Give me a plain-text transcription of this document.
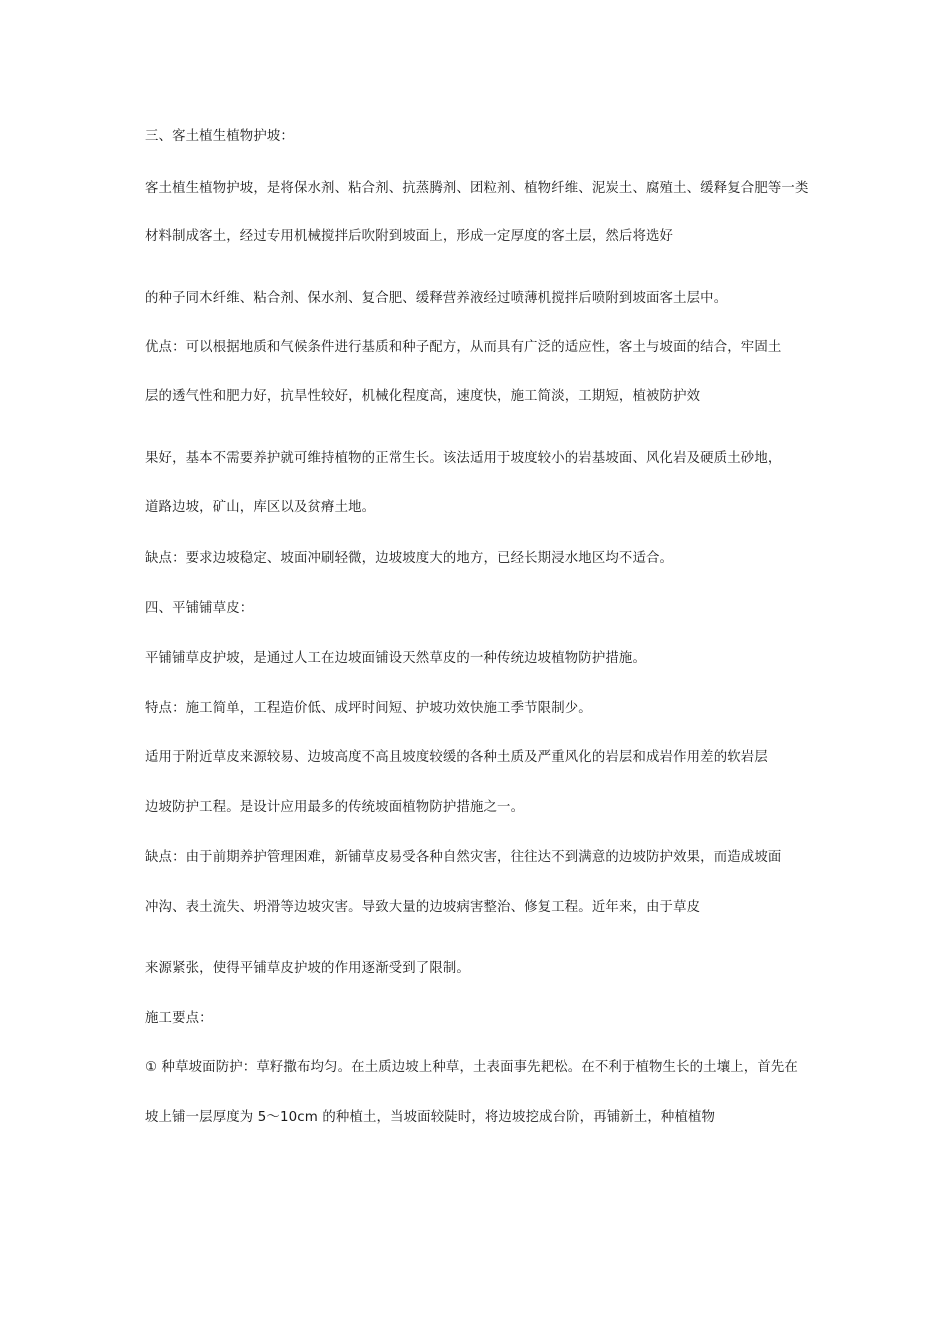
三、客土植生植物护坡：
客土植生植物护坡，是将保水剂、粘合剂、抗蒸腾剂、团粒剂、植物纤维、泥炭土、腐殖土、缓释复合肥等一类
材料制成客土，经过专用机械搅拌后吹附到坡面上，形成一定厚度的客土层，然后将选好
的种子同木纤维、粘合剂、保水剂、复合肥、缓释营养液经过喷薄机搅拌后喷附到坡面客土层中。
优点：可以根据地质和气候条件进行基质和种子配方，从而具有广泛的适应性，客土与坡面的结合，牢固土
层的透气性和肥力好，抗旱性较好，机械化程度高，速度快，施工简淡，工期短，植被防护效
果好，基本不需要养护就可维持植物的正常生长。该法适用于坡度较小的岩基坡面、风化岩及硬质土砂地，
道路边坡，矿山，库区以及贫瘠土地。
缺点：要求边坡稳定、坡面冲刷轻微，边坡坡度大的地方，已经长期浸水地区均不适合。
四、平铺铺草皮：
平铺铺草皮护坡，是通过人工在边坡面铺设天然草皮的一种传统边坡植物防护措施。
特点：施工简单，工程造价低、成坪时间短、护坡功效快施工季节限制少。
适用于附近草皮来源较易、边坡高度不高且坡度较缓的各种土质及严重风化的岩层和成岩作用差的软岩层
边坡防护工程。是设计应用最多的传统坡面植物防护措施之一。
缺点：由于前期养护管理困难，新铺草皮易受各种自然灾害，往往达不到满意的边坡防护效果，而造成坡面
冲沟、表土流失、坍滑等边坡灾害。导致大量的边坡病害整治、修复工程。近年来，由于草皮
来源紧张，使得平铺草皮护坡的作用逐渐受到了限制。
施工要点：
① 种草坡面防护：草籽撒布均匀。在土质边坡上种草，土表面事先耙松。在不利于植物生长的土壤上，首先在
坡上铺一层厚度为 5～10cm 的种植土，当坡面较陡时，将边坡挖成台阶，再铺新土，种植植物
